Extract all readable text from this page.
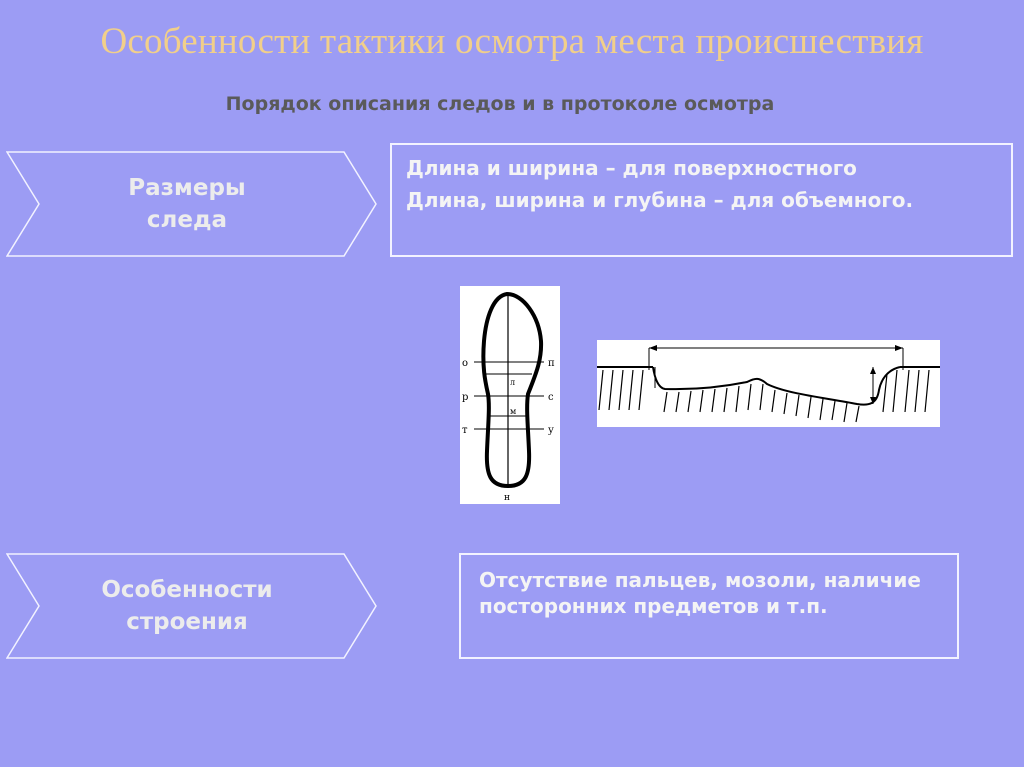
Особенности тактики осмотра места происшествия
Порядок описания следов и в протоколе осмотра
Размеры
следа

Длина и ширина – для поверхностного

Длина, ширина и глубина – для объемного.

о
р
т
п
с
у
л
м
н
Особенности
строения

Отсутствие пальцев, мозоли, наличие посторонних предметов и т.п.
